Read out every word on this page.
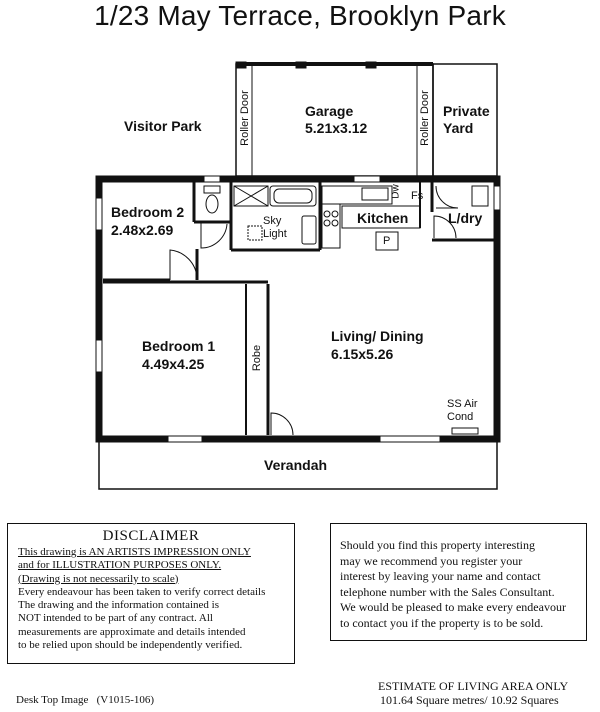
1/23 May Terrace, Brooklyn Park
Visitor Park
Private
Yard
Verandah
Garage
5.21x3.12
Roller Door	Roller Door
Bedroom 2
2.48x2.69
Sky
Light
Kitchen
Fs
Dw
P
L/dry
Bedroom 1
4.49x4.25	Robe
Living/ Dining
6.15x5.26
SS Air
Cond
DISCLAIMER
This drawing is AN ARTISTS IMPRESSION ONLY
and for ILLUSTRATION PURPOSES ONLY.
(Drawing is not necessarily to scale)
Every endeavour has been taken to verify correct details
The drawing and the information contained is
NOT intended to be part of any contract. All
measurements are approximate and details intended
to be relied upon should be independently verified.
Should you find this property interesting
may we recommend you register your
interest by leaving your name and contact
telephone number with the Sales Consultant.
We would be pleased to make every endeavour
to contact you if the property is to be sold.
Desk Top Image   (V1015-106)
ESTIMATE OF LIVING AREA ONLY
101.64 Square metres/ 10.92 Squares
